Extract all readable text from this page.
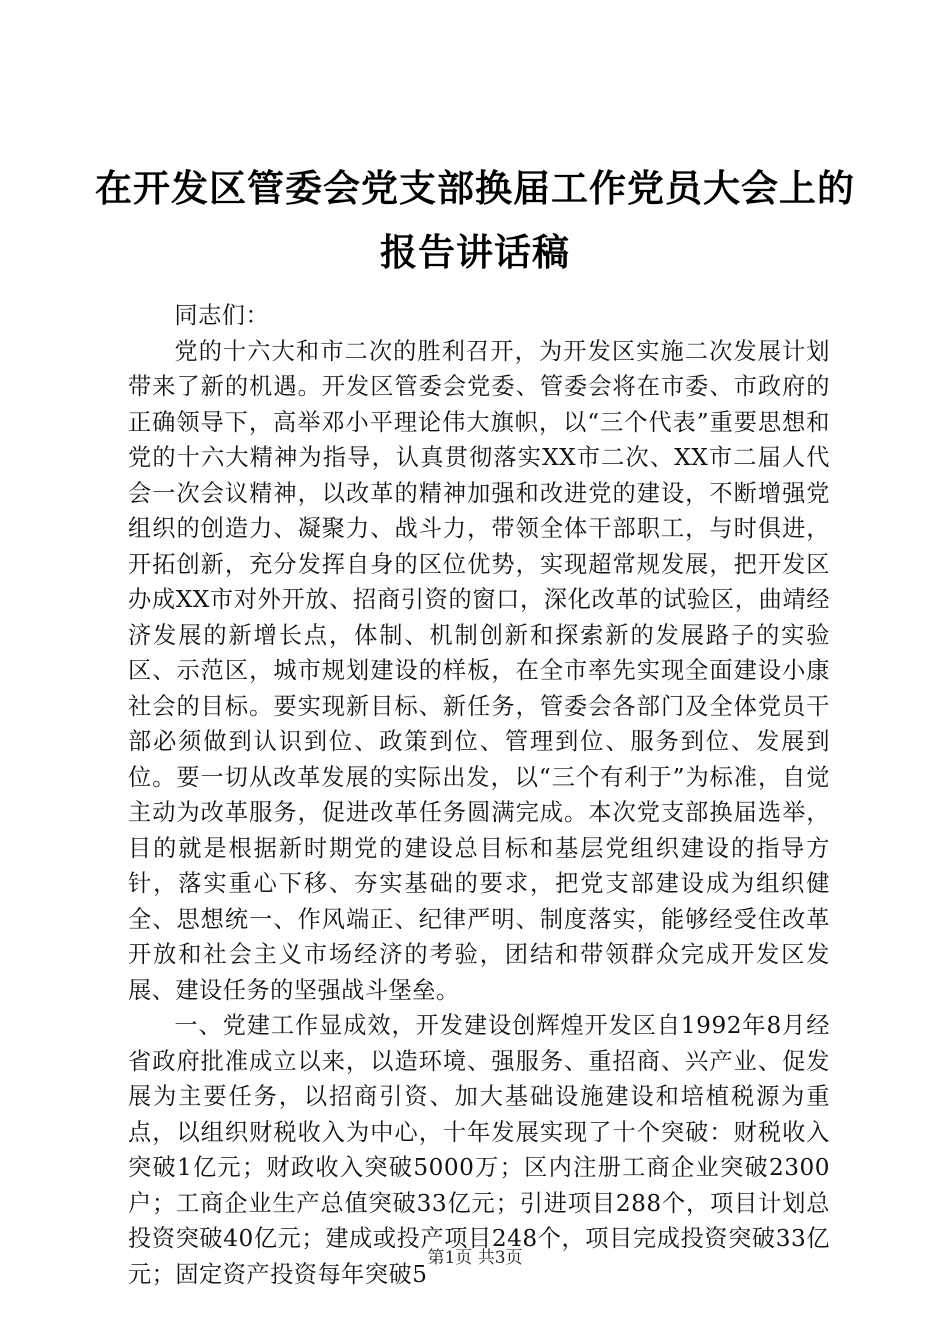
在开发区管委会党支部换届工作党员大会上的
报告讲话稿

同志们：

党的十六大和市二次的胜利召开，为开发区实施二次发展计划带来了新的机遇。开发区管委会党委、管委会将在市委、市政府的正确领导下，高举邓小平理论伟大旗帜，以“三个代表”重要思想和党的十六大精神为指导，认真贯彻落实XX市二次、XX市二届人代会一次会议精神，以改革的精神加强和改进党的建设，不断增强党组织的创造力、凝聚力、战斗力，带领全体干部职工，与时俱进，开拓创新，充分发挥自身的区位优势，实现超常规发展，把开发区办成XX市对外开放、招商引资的窗口，深化改革的试验区，曲靖经济发展的新增长点，体制、机制创新和探索新的发展路子的实验区、示范区，城市规划建设的样板，在全市率先实现全面建设小康社会的目标。要实现新目标、新任务，管委会各部门及全体党员干部必须做到认识到位、政策到位、管理到位、服务到位、发展到位。要一切从改革发展的实际出发，以“三个有利于”为标准，自觉主动为改革服务，促进改革任务圆满完成。本次党支部换届选举，目的就是根据新时期党的建设总目标和基层党组织建设的指导方针，落实重心下移、夯实基础的要求，把党支部建设成为组织健全、思想统一、作风端正、纪律严明、制度落实，能够经受住改革开放和社会主义市场经济的考验，团结和带领群众完成开发区发展、建设任务的坚强战斗堡垒。

一、党建工作显成效，开发建设创辉煌开发区自1992年8月经省政府批准成立以来，以造环境、强服务、重招商、兴产业、促发展为主要任务，以招商引资、加大基础设施建设和培植税源为重点，以组织财税收入为中心，十年发展实现了十个突破：财税收入突破1亿元；财政收入突破5000万；区内注册工商企业突破2300户；工商企业生产总值突破33亿元；引进项目288个，项目计划总投资突破40亿元；建成或投产项目248个，项目完成投资突破33亿元；固定资产投资每年突破5

第1页 共3页
